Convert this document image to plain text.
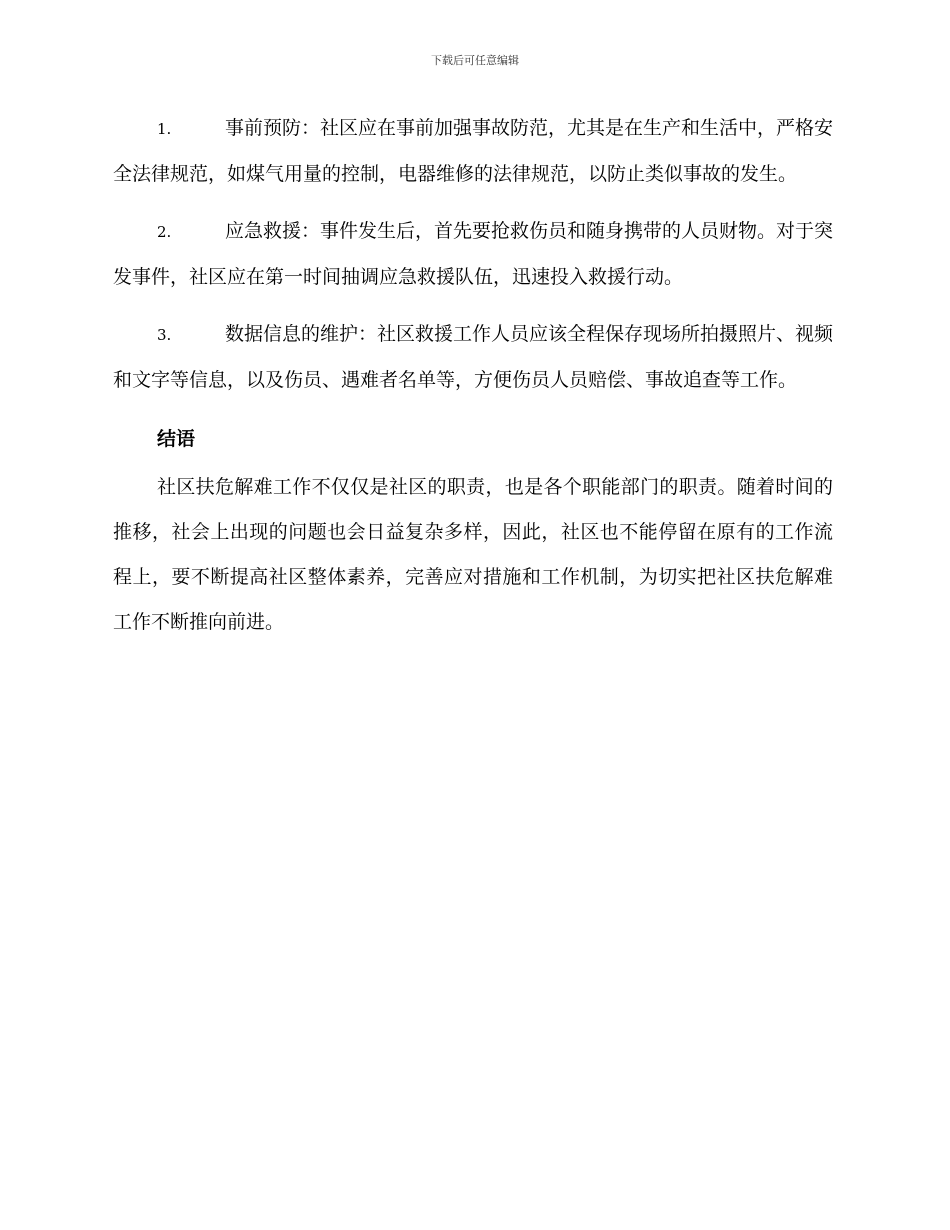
下载后可任意编辑

1.	事前预防：社区应在事前加强事故防范，尤其是在生产和生活中，严格安全法律规范，如煤气用量的控制，电器维修的法律规范，以防止类似事故的发生。

2.	应急救援：事件发生后，首先要抢救伤员和随身携带的人员财物。对于突发事件，社区应在第一时间抽调应急救援队伍，迅速投入救援行动。

3.	数据信息的维护：社区救援工作人员应该全程保存现场所拍摄照片、视频和文字等信息，以及伤员、遇难者名单等，方便伤员人员赔偿、事故追查等工作。

结语

社区扶危解难工作不仅仅是社区的职责，也是各个职能部门的职责。随着时间的推移，社会上出现的问题也会日益复杂多样，因此，社区也不能停留在原有的工作流程上，要不断提高社区整体素养，完善应对措施和工作机制，为切实把社区扶危解难工作不断推向前进。
